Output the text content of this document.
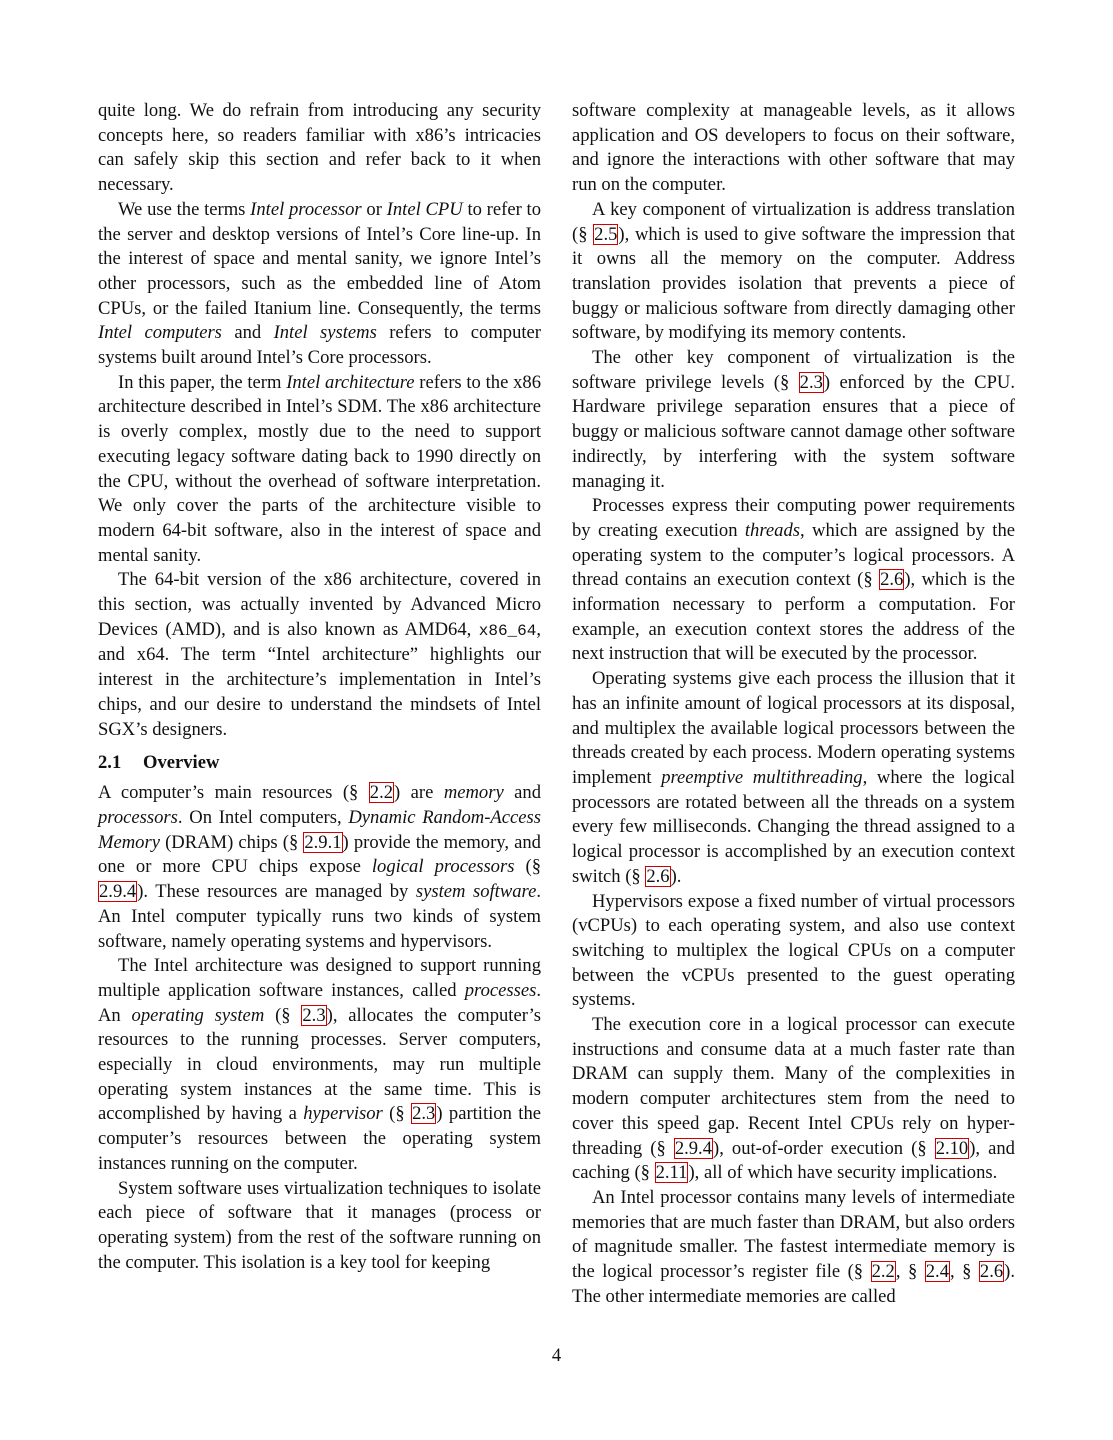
quite long. We do refrain from introducing any security concepts here, so readers familiar with x86’s intricacies can safely skip this section and refer back to it when necessary.

We use the terms Intel processor or Intel CPU to refer to the server and desktop versions of Intel’s Core line-up. In the interest of space and mental sanity, we ignore Intel’s other processors, such as the embedded line of Atom CPUs, or the failed Itanium line. Consequently, the terms Intel computers and Intel systems refers to computer systems built around Intel’s Core processors.

In this paper, the term Intel architecture refers to the x86 architecture described in Intel’s SDM. The x86 architecture is overly complex, mostly due to the need to support executing legacy software dating back to 1990 directly on the CPU, without the overhead of software interpretation. We only cover the parts of the architecture visible to modern 64-bit software, also in the interest of space and mental sanity.

The 64-bit version of the x86 architecture, covered in this section, was actually invented by Advanced Micro Devices (AMD), and is also known as AMD64, x86_64, and x64. The term “Intel architecture” highlights our interest in the architecture’s implementation in Intel’s chips, and our desire to understand the mindsets of Intel SGX’s designers.

2.1 Overview

A computer’s main resources (§ 2.2) are memory and processors. On Intel computers, Dynamic Random-Access Memory (DRAM) chips (§ 2.9.1) provide the memory, and one or more CPU chips expose logical processors (§ 2.9.4). These resources are managed by system software. An Intel computer typically runs two kinds of system software, namely operating systems and hypervisors.

The Intel architecture was designed to support running multiple application software instances, called processes. An operating system (§ 2.3), allocates the computer’s resources to the running processes. Server computers, especially in cloud environments, may run multiple operating system instances at the same time. This is accomplished by having a hypervisor (§ 2.3) partition the computer’s resources between the operating system instances running on the computer.

System software uses virtualization techniques to isolate each piece of software that it manages (process or operating system) from the rest of the software running on the computer. This isolation is a key tool for keeping

software complexity at manageable levels, as it allows application and OS developers to focus on their software, and ignore the interactions with other software that may run on the computer.

A key component of virtualization is address translation (§ 2.5), which is used to give software the impression that it owns all the memory on the computer. Address translation provides isolation that prevents a piece of buggy or malicious software from directly damaging other software, by modifying its memory contents.

The other key component of virtualization is the software privilege levels (§ 2.3) enforced by the CPU. Hardware privilege separation ensures that a piece of buggy or malicious software cannot damage other software indirectly, by interfering with the system software managing it.

Processes express their computing power requirements by creating execution threads, which are assigned by the operating system to the computer’s logical processors. A thread contains an execution context (§ 2.6), which is the information necessary to perform a computation. For example, an execution context stores the address of the next instruction that will be executed by the processor.

Operating systems give each process the illusion that it has an infinite amount of logical processors at its disposal, and multiplex the available logical processors between the threads created by each process. Modern operating systems implement preemptive multithreading, where the logical processors are rotated between all the threads on a system every few milliseconds. Changing the thread assigned to a logical processor is accomplished by an execution context switch (§ 2.6).

Hypervisors expose a fixed number of virtual processors (vCPUs) to each operating system, and also use context switching to multiplex the logical CPUs on a computer between the vCPUs presented to the guest operating systems.

The execution core in a logical processor can execute instructions and consume data at a much faster rate than DRAM can supply them. Many of the complexities in modern computer architectures stem from the need to cover this speed gap. Recent Intel CPUs rely on hyper-threading (§ 2.9.4), out-of-order execution (§ 2.10), and caching (§ 2.11), all of which have security implications.

An Intel processor contains many levels of intermediate memories that are much faster than DRAM, but also orders of magnitude smaller. The fastest intermediate memory is the logical processor’s register file (§ 2.2, § 2.4, § 2.6). The other intermediate memories are called

4
